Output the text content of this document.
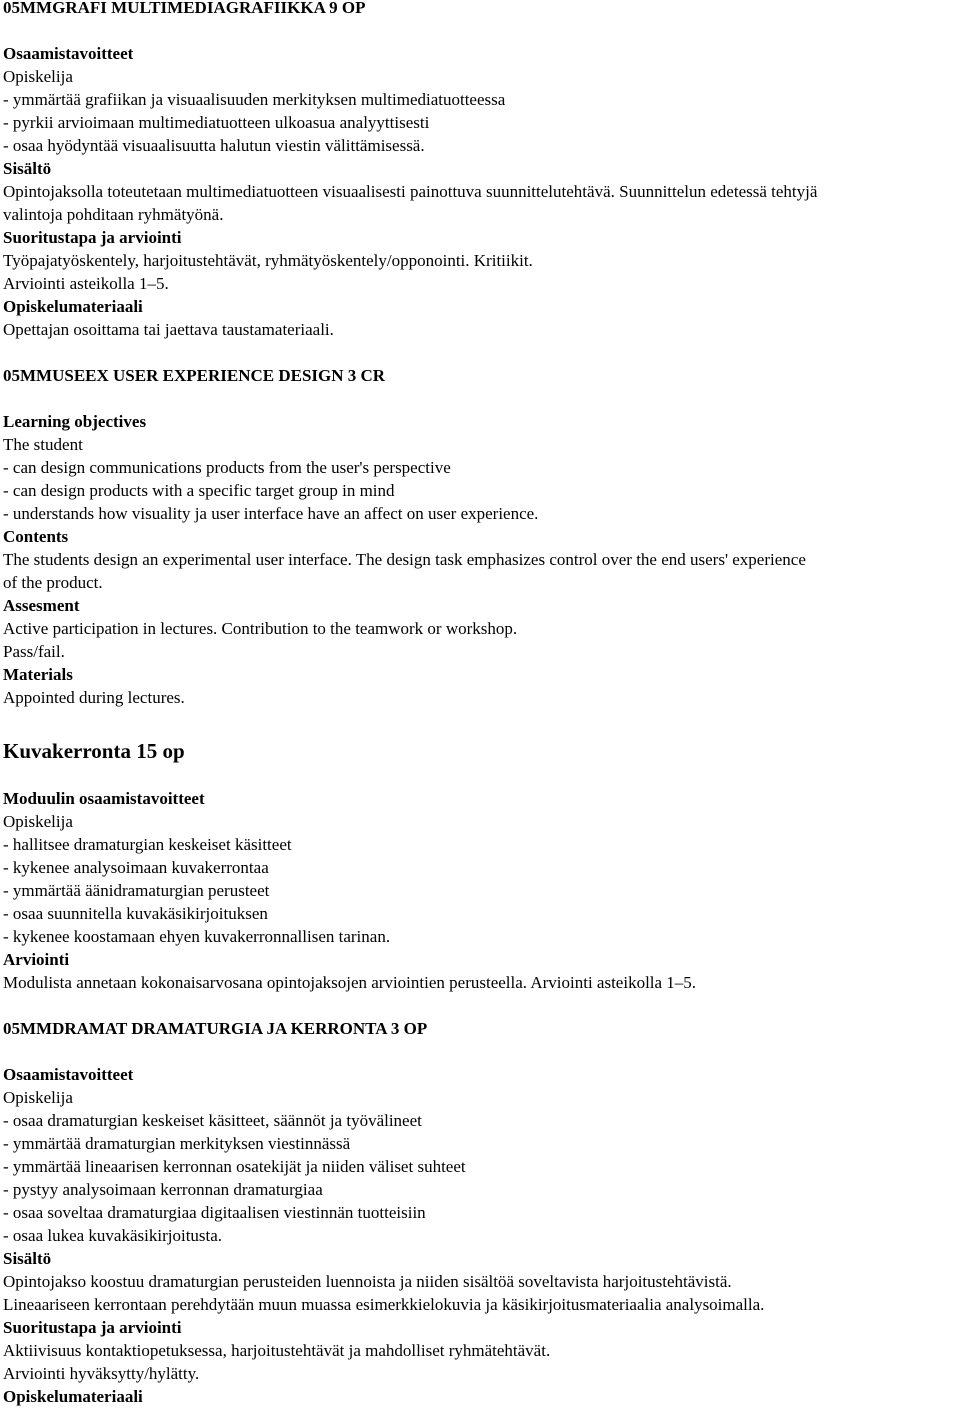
05MMGRAFI MULTIMEDIAGRAFIIKKA 9 OP
Osaamistavoitteet
Opiskelija
- ymmärtää grafiikan ja visuaalisuuden merkityksen multimediatuotteessa
- pyrkii arvioimaan multimediatuotteen ulkoasua analyyttisesti
- osaa hyödyntää visuaalisuutta halutun viestin välittämisessä.
Sisältö
Opintojaksolla toteutetaan multimediatuotteen visuaalisesti painottuva suunnittelutehtävä. Suunnittelun edetessä tehtyjä
valintoja pohditaan ryhmätyönä.
Suoritustapa ja arviointi
Työpajatyöskentely, harjoitustehtävät, ryhmätyöskentely/opponointi. Kritiikit.
Arviointi asteikolla 1–5.
Opiskelumateriaali
Opettajan osoittama tai jaettava taustamateriaali.
05MMUSEEX USER EXPERIENCE DESIGN 3 CR
Learning objectives
The student
- can design communications products from the user's perspective
- can design products with a specific target group in mind
- understands how visuality ja user interface have an affect on user experience.
Contents
The students design an experimental user interface. The design task emphasizes control over the end users' experience
of the product.
Assesment
Active participation in lectures. Contribution to the teamwork or workshop.
Pass/fail.
Materials
Appointed during lectures.
Kuvakerronta 15 op
Moduulin osaamistavoitteet
Opiskelija
- hallitsee dramaturgian keskeiset käsitteet
- kykenee analysoimaan kuvakerrontaa
- ymmärtää äänidramaturgian perusteet
- osaa suunnitella kuvakäsikirjoituksen
- kykenee koostamaan ehyen kuvakerronnallisen tarinan.
Arviointi
Modulista annetaan kokonaisarvosana opintojaksojen arviointien perusteella. Arviointi asteikolla 1–5.
05MMDRAMAT DRAMATURGIA JA KERRONTA 3 OP
Osaamistavoitteet
Opiskelija
- osaa dramaturgian keskeiset käsitteet, säännöt ja työvälineet
- ymmärtää dramaturgian merkityksen viestinnässä
- ymmärtää lineaarisen kerronnan osatekijät ja niiden väliset suhteet
- pystyy analysoimaan kerronnan dramaturgiaa
- osaa soveltaa dramaturgiaa digitaalisen viestinnän tuotteisiin
- osaa lukea kuvakäsikirjoitusta.
Sisältö
Opintojakso koostuu dramaturgian perusteiden luennoista ja niiden sisältöä soveltavista harjoitustehtävistä.
Lineaariseen kerrontaan perehdytään muun muassa esimerkkielokuvia ja käsikirjoitusmateriaalia analysoimalla.
Suoritustapa ja arviointi
Aktiivisuus kontaktiopetuksessa, harjoitustehtävät ja mahdolliset ryhmätehtävät.
Arviointi hyväksytty/hylätty.
Opiskelumateriaali
